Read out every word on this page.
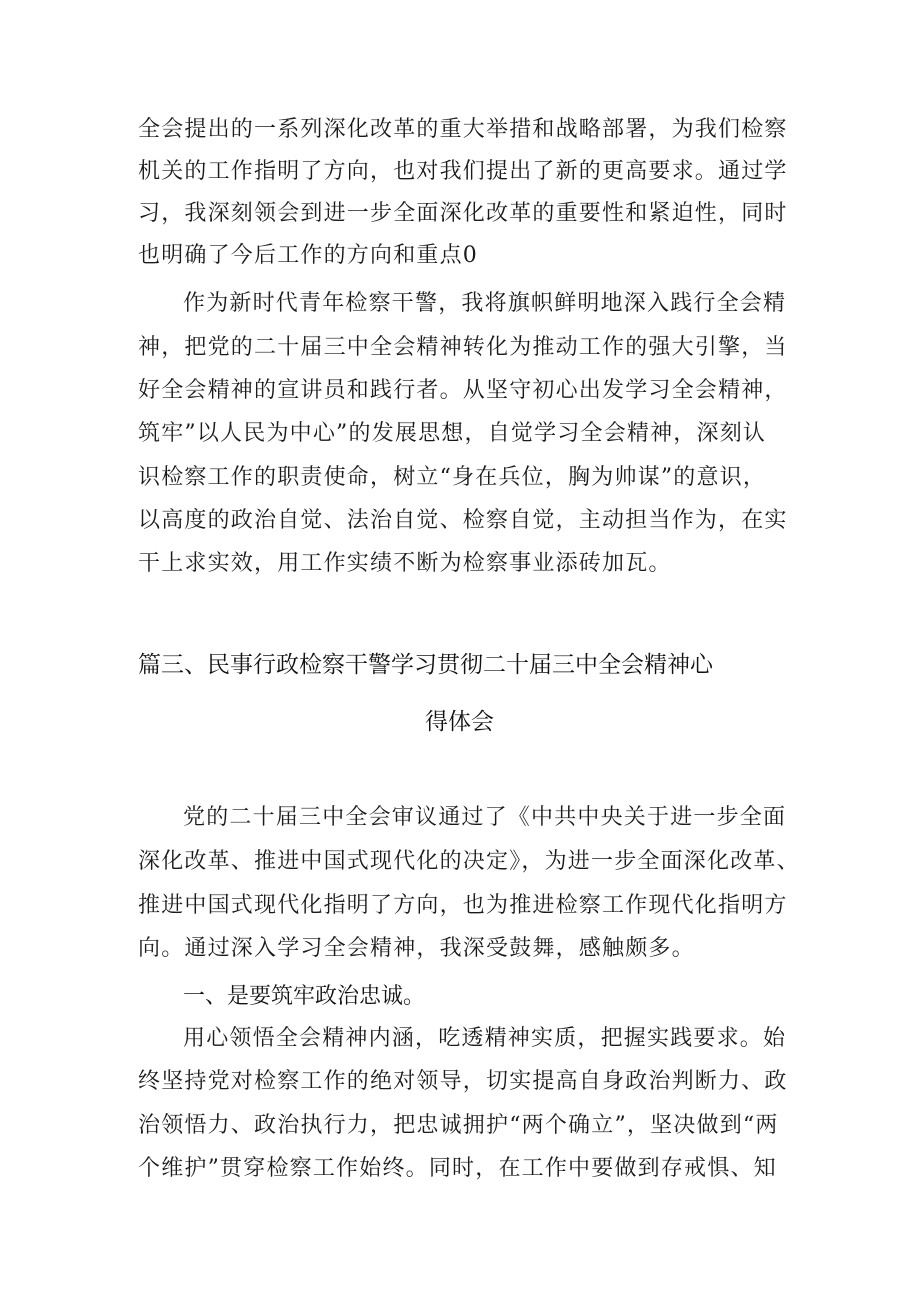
全会提出的一系列深化改革的重大举措和战略部署，为我们检察
机关的工作指明了方向，也对我们提出了新的更高要求。通过学
习，我深刻领会到进一步全面深化改革的重要性和紧迫性，同时
也明确了今后工作的方向和重点0
作为新时代青年检察干警，我将旗帜鲜明地深入践行全会精
神，把党的二十届三中全会精神转化为推动工作的强大引擎，当
好全会精神的宣讲员和践行者。从坚守初心出发学习全会精神，
筑牢”以人民为中心”的发展思想，自觉学习全会精神，深刻认
识检察工作的职责使命，树立“身在兵位，胸为帅谋”的意识，
以高度的政治自觉、法治自觉、检察自觉，主动担当作为，在实
干上求实效，用工作实绩不断为检察事业添砖加瓦。
篇三、民事行政检察干警学习贯彻二十届三中全会精神心
得体会
党的二十届三中全会审议通过了《中共中央关于进一步全面
深化改革、推进中国式现代化的决定》，为进一步全面深化改革、
推进中国式现代化指明了方向，也为推进检察工作现代化指明方
向。通过深入学习全会精神，我深受鼓舞，感触颇多。
一、是要筑牢政治忠诚。
用心领悟全会精神内涵，吃透精神实质，把握实践要求。始
终坚持党对检察工作的绝对领导，切实提高自身政治判断力、政
治领悟力、政治执行力，把忠诚拥护“两个确立”，坚决做到“两
个维护”贯穿检察工作始终。同时，在工作中要做到存戒惧、知
